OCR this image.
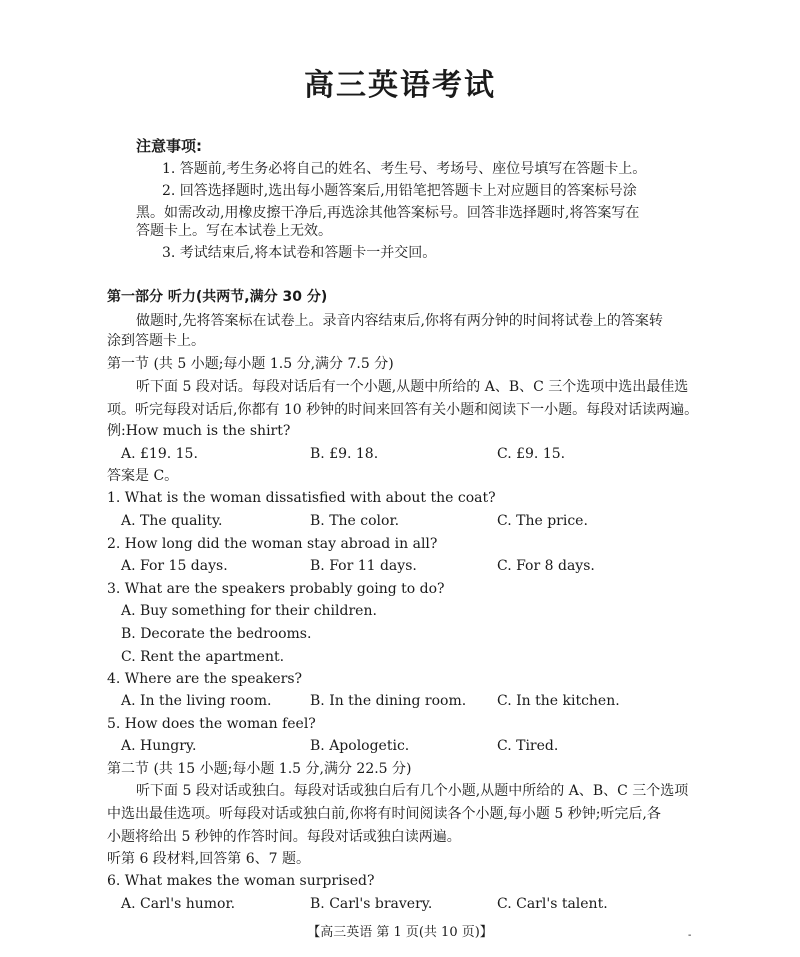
高三英语考试
注意事项:
1. 答题前,考生务必将自己的姓名、考生号、考场号、座位号填写在答题卡上。
2. 回答选择题时,选出每小题答案后,用铅笔把答题卡上对应题目的答案标号涂
黑。如需改动,用橡皮擦干净后,再选涂其他答案标号。回答非选择题时,将答案写在
答题卡上。写在本试卷上无效。
3. 考试结束后,将本试卷和答题卡一并交回。
第一部分 听力(共两节,满分 30 分)
做题时,先将答案标在试卷上。录音内容结束后,你将有两分钟的时间将试卷上的答案转
涂到答题卡上。
第一节 (共 5 小题;每小题 1.5 分,满分 7.5 分)
听下面 5 段对话。每段对话后有一个小题,从题中所给的 A、B、C 三个选项中选出最佳选
项。听完每段对话后,你都有 10 秒钟的时间来回答有关小题和阅读下一小题。每段对话读两遍。
例:How much is the shirt?
A. £19. 15.	B. £9. 18.	C. £9. 15.
答案是 C。
1. What is the woman dissatisfied with about the coat?
A. The quality.	B. The color.	C. The price.
2. How long did the woman stay abroad in all?
A. For 15 days.	B. For 11 days.	C. For 8 days.
3. What are the speakers probably going to do?
A. Buy something for their children.
B. Decorate the bedrooms.
C. Rent the apartment.
4. Where are the speakers?
A. In the living room.	B. In the dining room. C. In the kitchen.
5. How does the woman feel?
A. Hungry.	B. Apologetic.	C. Tired.
第二节 (共 15 小题;每小题 1.5 分,满分 22.5 分)
听下面 5 段对话或独白。每段对话或独白后有几个小题,从题中所给的 A、B、C 三个选项
中选出最佳选项。听每段对话或独白前,你将有时间阅读各个小题,每小题 5 秒钟;听完后,各
小题将给出 5 秒钟的作答时间。每段对话或独白读两遍。
听第 6 段材料,回答第 6、7 题。
6. What makes the woman surprised?
A. Carl's humor.	B. Carl's bravery.	C. Carl's talent.
【高三英语 第 1 页(共 10 页)】	-
